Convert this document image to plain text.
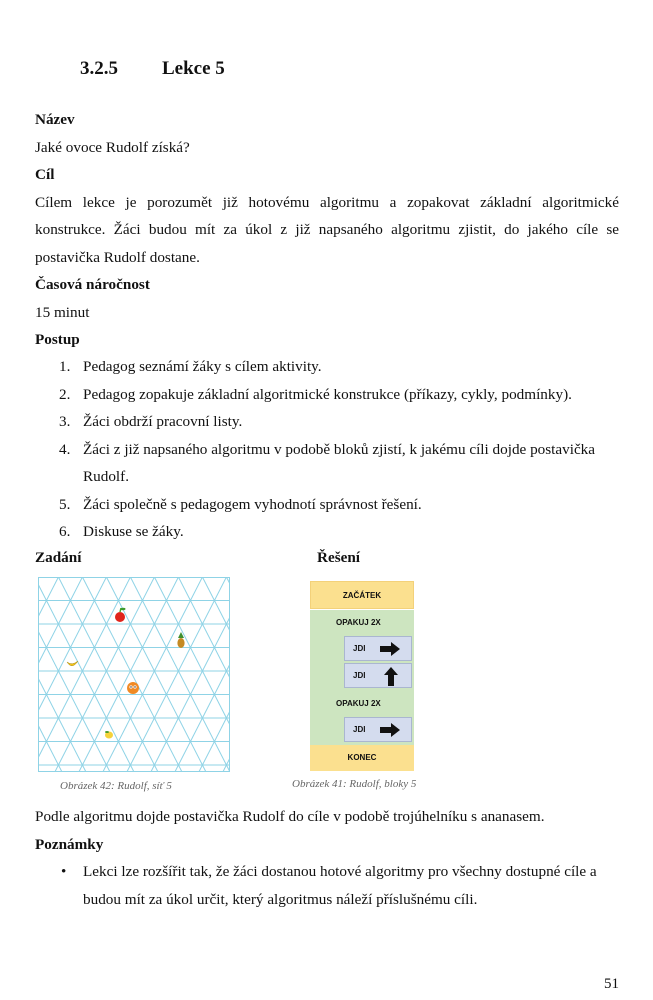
3.2.5 Lekce 5
Název
Jaké ovoce Rudolf získá?
Cíl
Cílem lekce je porozumět již hotovému algoritmu a zopakovat základní algoritmické konstrukce. Žáci budou mít za úkol z již napsaného algoritmu zjistit, do jakého cíle se postavička Rudolf dostane.
Časová náročnost
15 minut
Postup
1. Pedagog seznámí žáky s cílem aktivity.
2. Pedagog zopakuje základní algoritmické konstrukce (příkazy, cykly, podmínky).
3. Žáci obdrží pracovní listy.
4. Žáci z již napsaného algoritmu v podobě bloků zjistí, k jakému cíli dojde postavička Rudolf.
5. Žáci společně s pedagogem vyhodnotí správnost řešení.
6. Diskuse se žáky.
Zadání	Řešení
ZAČÁTEK
OPAKUJ 2X
JDI
JDI
OPAKUJ 2X
JDI
KONEC
Obrázek 42: Rudolf, síť 5	Obrázek 41: Rudolf, bloky 5
Podle algoritmu dojde postavička Rudolf do cíle v podobě trojúhelníku s ananasem.
Poznámky
•	Lekci lze rozšířit tak, že žáci dostanou hotové algoritmy pro všechny dostupné cíle a budou mít za úkol určit, který algoritmus náleží příslušnému cíli.
51
